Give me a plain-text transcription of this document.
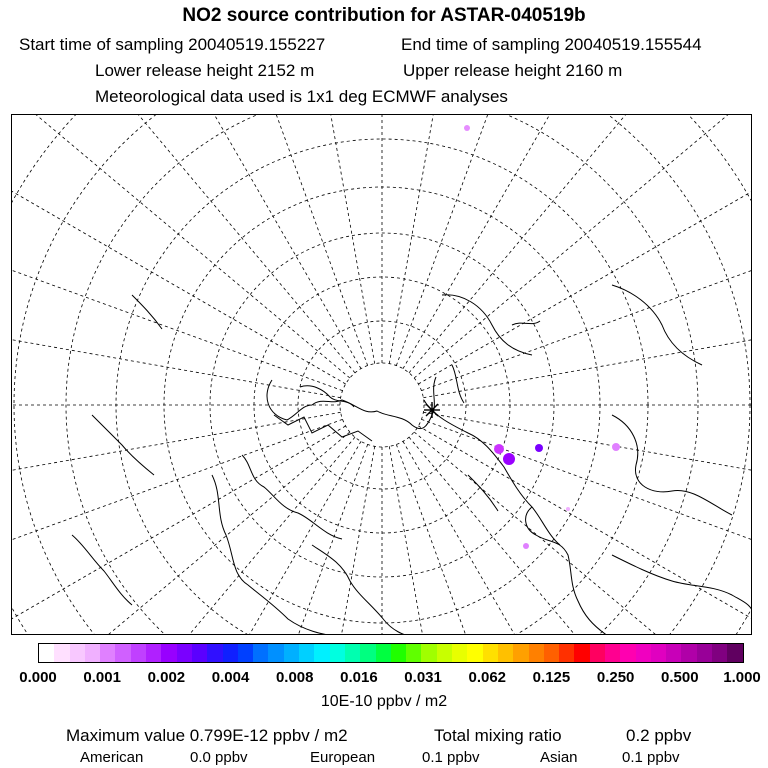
NO2 source contribution for ASTAR-040519b
Start time of sampling 20040519.155227	End time of sampling 20040519.155544
Lower release height 2152 m	Upper release height 2160 m
Meteorological data used is 1x1 deg ECMWF analyses
0.000 0.001 0.002 0.004 0.008 0.016 0.031 0.062 0.125 0.250 0.500 1.000
10E-10 ppbv / m2
Maximum value 0.799E-12 ppbv / m2	Total mixing ratio	0.2 ppbv
American	0.0 ppbv	European	0.1 ppbv	Asian	0.1 ppbv
